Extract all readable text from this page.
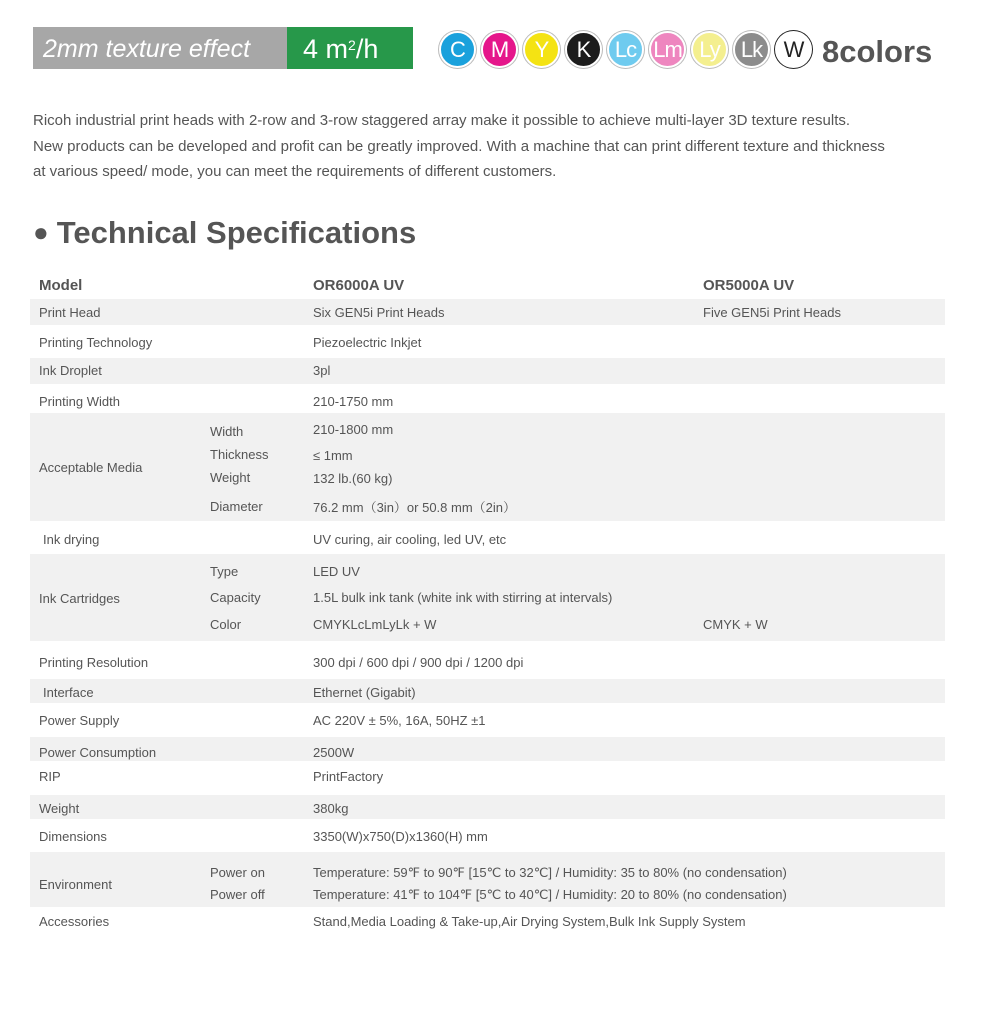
2mm texture effect	4 $m^2/h$	C	M	Y	K	Lc Lm Ly Lk W 8colors

Ricoh industrial print heads with 2-row and 3-row staggered array make it possible to achieve multi-layer 3D texture results.

New products can be developed and profit can be greatly improved. With a machine that can print different texture and thickness

at various speed/ mode, you can meet the requirements of different customers.

● Technical Specifications
Model	OR6000A UV	OR5000A UV
Print Head	Six GEN5i Print Heads	Five GEN5i Print Heads
Printing Technology	Piezoelectric Inkjet
Ink Droplet	3pl
Printing Width	210-1750 mm
Acceptable Media
Width	210-1800 mm
Thickness	≤ 1mm
Weight	132 lb.(60 kg)
Diameter	76.2 mm（3in）or 50.8 mm（2in）
Ink drying	UV curing, air cooling, led UV, etc
Ink Cartridges
Type	LED UV
Capacity	1.5L bulk ink tank (white ink with stirring at intervals)
Color	CMYKLcLmLyLk + W	CMYK + W
Printing Resolution	300 dpi / 600 dpi / 900 dpi / 1200 dpi
Interface	Ethernet (Gigabit)
Power Supply	AC 220V ± 5%, 16A, 50HZ ±1
Power Consumption	2500W
RIP	PrintFactory
Weight	380kg
Dimensions	3350(W)x750(D)x1360(H) mm
Environment
Power on	Temperature: 59℉ to 90℉ [15℃ to 32℃] / Humidity: 35 to 80% (no condensation)
Power off	Temperature: 41℉ to 104℉ [5℃ to 40℃] / Humidity: 20 to 80% (no condensation)
Accessories	Stand,Media Loading & Take-up,Air Drying System,Bulk Ink Supply System
